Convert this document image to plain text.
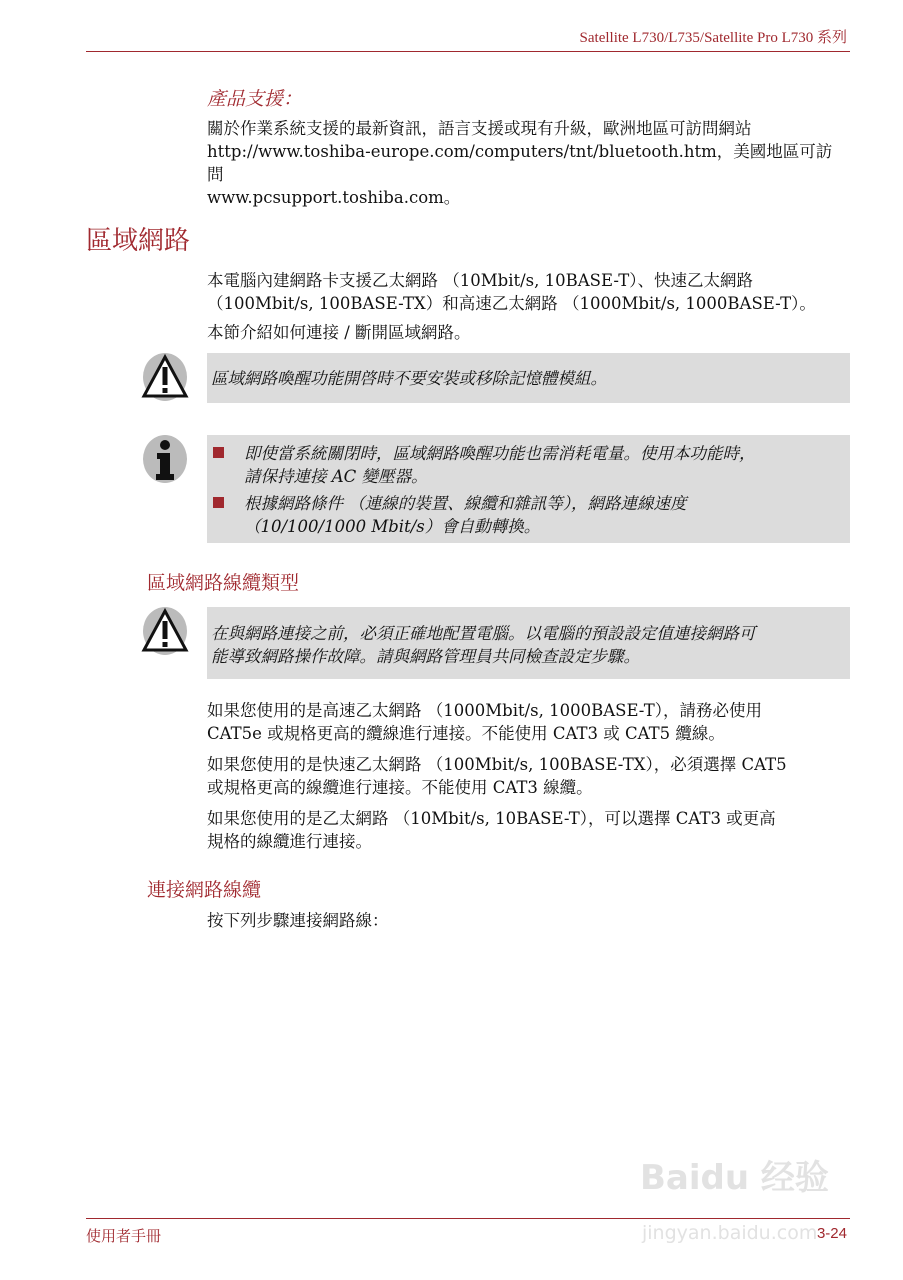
Satellite L730/L735/Satellite Pro L730 系列
產品支援：
關於作業系統支援的最新資訊，語言支援或現有升級，歐洲地區可訪問網站
http://www.toshiba-europe.com/computers/tnt/bluetooth.htm，美國地區可訪問
www.pcsupport.toshiba.com。
區域網路
本電腦內建網路卡支援乙太網路 （10Mbit/s, 10BASE-T）、快速乙太網路
（100Mbit/s, 100BASE-TX）和高速乙太網路 （1000Mbit/s, 1000BASE-T）。
本節介紹如何連接 / 斷開區域網路。
區域網路喚醒功能開啓時不要安裝或移除記憶體模組。
即使當系統關閉時，區域網路喚醒功能也需消耗電量。使用本功能時，
請保持連接 AC 變壓器。
根據網路條件 （連線的裝置、線纜和雜訊等），網路連線速度
（10/100/1000 Mbit/s）會自動轉換。
區域網路線纜類型
在與網路連接之前，必須正確地配置電腦。以電腦的預設設定值連接網路可
能導致網路操作故障。請與網路管理員共同檢查設定步驟。
如果您使用的是高速乙太網路 （1000Mbit/s, 1000BASE-T），請務必使用
CAT5e 或規格更高的纜線進行連接。不能使用 CAT3 或 CAT5 纜線。
如果您使用的是快速乙太網路 （100Mbit/s, 100BASE-TX），必須選擇 CAT5
或規格更高的線纜進行連接。不能使用 CAT3 線纜。
如果您使用的是乙太網路 （10Mbit/s, 10BASE-T），可以選擇 CAT3 或更高
規格的線纜進行連接。
連接網路線纜
按下列步驟連接網路線：
Baidu 经验
jingyan.baidu.com
使用者手冊	3-24
